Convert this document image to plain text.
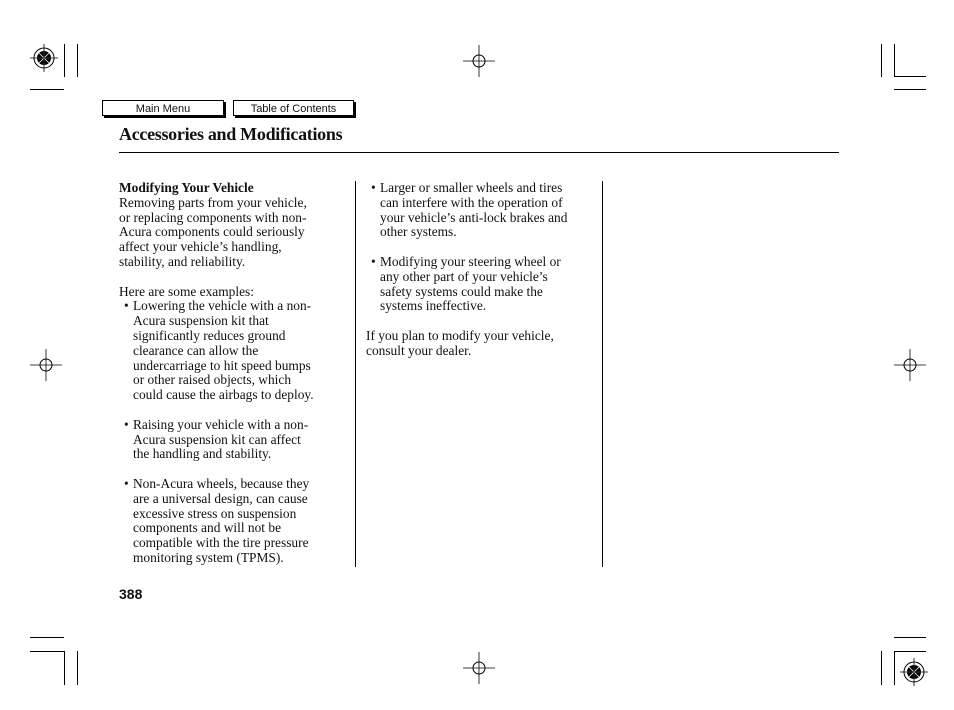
Main Menu	Table of Contents
Accessories and Modifications

Modifying Your Vehicle

Removing parts from your vehicle,

or replacing components with non-

Acura components could seriously

affect your vehicle’s handling,

stability, and reliability.

Here are some examples:

• Lowering the vehicle with a non-

Acura suspension kit that

significantly reduces ground

clearance can allow the

undercarriage to hit speed bumps

or other raised objects, which

could cause the airbags to deploy.

• Raising your vehicle with a non-

Acura suspension kit can affect

the handling and stability.

• Non-Acura wheels, because they

are a universal design, can cause

excessive stress on suspension

components and will not be

compatible with the tire pressure

monitoring system (TPMS).

• Larger or smaller wheels and tires

can interfere with the operation of

your vehicle’s anti-lock brakes and

other systems.

• Modifying your steering wheel or

any other part of your vehicle’s

safety systems could make the

systems ineffective.

If you plan to modify your vehicle,

consult your dealer.

388
